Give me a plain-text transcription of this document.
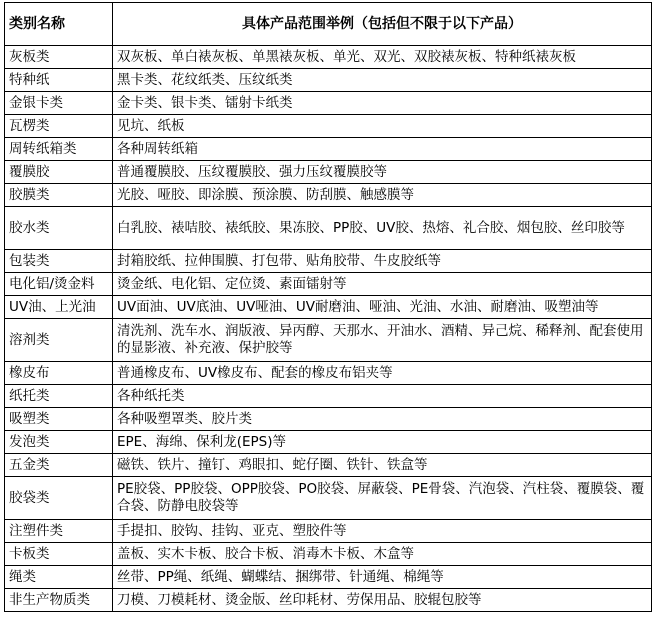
类别名称	具体产品范围举例（包括但不限于以下产品）
灰板类	双灰板、单白裱灰板、单黑裱灰板、单光、双光、双胶裱灰板、特种纸裱灰板
特种纸	黑卡类、花纹纸类、压纹纸类
金银卡类	金卡类、银卡类、镭射卡纸类
瓦楞类	见坑、纸板
周转纸箱类	各种周转纸箱
覆膜胶	普通覆膜胶、压纹覆膜胶、强力压纹覆膜胶等
胶膜类	光胶、哑胶、即涂膜、预涂膜、防刮膜、触感膜等
胶水类	白乳胶、裱咭胶、裱纸胶、果冻胶、PP胶、UV胶、热熔、礼合胶、烟包胶、丝印胶等
包装类	封箱胶纸、拉伸围膜、打包带、贴角胶带、牛皮胶纸等
电化铝/烫金料	烫金纸、电化铝、定位烫、素面镭射等
UV油、上光油	UV面油、UV底油、UV哑油、UV耐磨油、哑油、光油、水油、耐磨油、吸塑油等
溶剂类	清洗剂、洗车水、润版液、异丙醇、天那水、开油水、酒精、异己烷、稀释剂、配套使用的显影液、补充液、保护胶等
橡皮布	普通橡皮布、UV橡皮布、配套的橡皮布铝夹等
纸托类	各种纸托类
吸塑类	各种吸塑罩类、胶片类
发泡类	EPE、海绵、保利龙(EPS)等
五金类	磁铁、铁片、撞钉、鸡眼扣、蛇仔圈、铁针、铁盒等
胶袋类	PE胶袋、PP胶袋、OPP胶袋、PO胶袋、屏蔽袋、PE骨袋、汽泡袋、汽柱袋、覆膜袋、覆合袋、防静电胶袋等
注塑件类	手提扣、胶钩、挂钩、亚克、塑胶件等
卡板类	盖板、实木卡板、胶合卡板、消毒木卡板、木盒等
绳类	丝带、PP绳、纸绳、蝴蝶结、捆绑带、针通绳、棉绳等
非生产物质类	刀模、刀模耗材、烫金版、丝印耗材、劳保用品、胶辊包胶等
